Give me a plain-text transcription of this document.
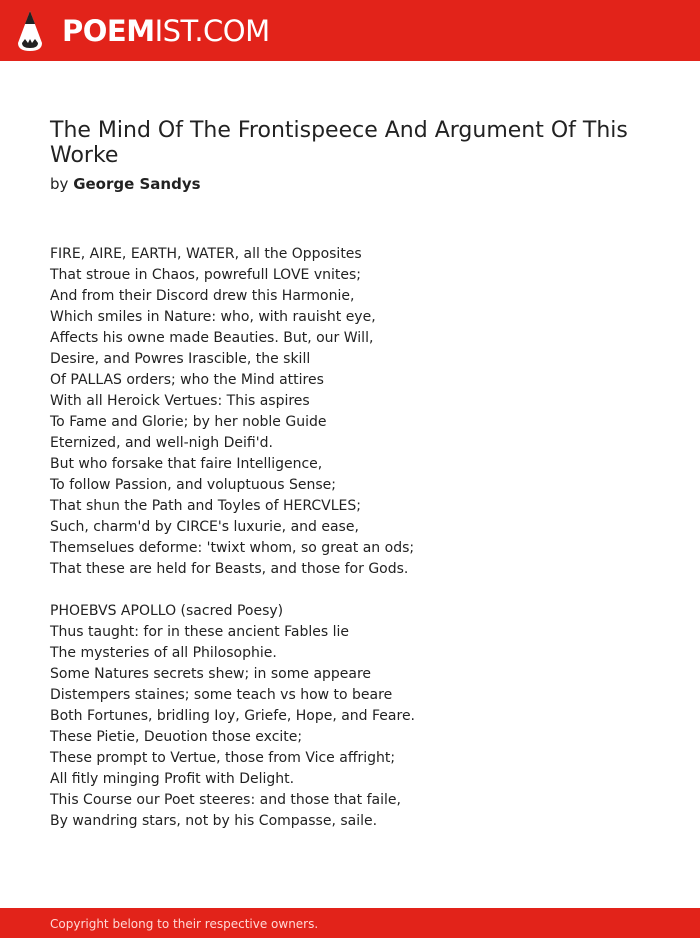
POEMIST.COM
The Mind Of The Frontispeece And Argument Of This Worke
by George Sandys
FIRE, AIRE, EARTH, WATER, all the Opposites
That stroue in Chaos, powrefull LOVE vnites;
And from their Discord drew this Harmonie,
Which smiles in Nature: who, with rauisht eye,
Affects his owne made Beauties. But, our Will,
Desire, and Powres Irascible, the skill
Of PALLAS orders; who the Mind attires
With all Heroick Vertues: This aspires
To Fame and Glorie; by her noble Guide
Eternized, and well-nigh Deifi'd.
But who forsake that faire Intelligence,
To follow Passion, and voluptuous Sense;
That shun the Path and Toyles of HERCVLES;
Such, charm'd by CIRCE's luxurie, and ease,
Themselues deforme: 'twixt whom, so great an ods;
That these are held for Beasts, and those for Gods.
PHOEBVS APOLLO (sacred Poesy)
Thus taught: for in these ancient Fables lie
The mysteries of all Philosophie.
Some Natures secrets shew; in some appeare
Distempers staines; some teach vs how to beare
Both Fortunes, bridling Ioy, Griefe, Hope, and Feare.
These Pietie, Deuotion those excite;
These prompt to Vertue, those from Vice affright;
All fitly minging Profit with Delight.
This Course our Poet steeres: and those that faile,
By wandring stars, not by his Compasse, saile.
Copyright belong to their respective owners.
